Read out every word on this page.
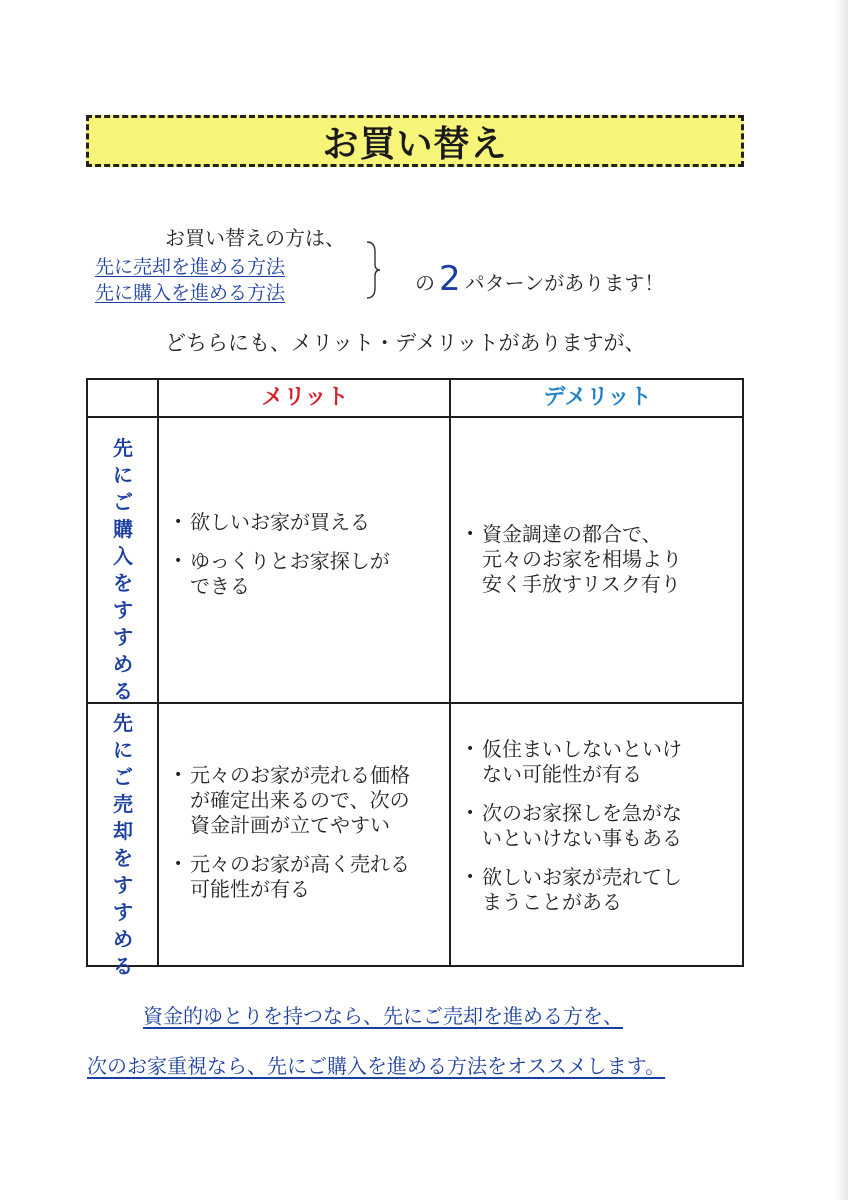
お買い替え
お買い替えの方は、
先に売却を進める方法
先に購入を進める方法	の 2 パターンがあります！
どちらにも、メリット・デメリットがありますが、
メリット	デメリット
先
に
ご
購
入
を
す
す
め
る
• 欲しいお家が買える
• ゆっくりとお家探しが
できる
• 資金調達の都合で、
元々のお家を相場より
安く手放すリスク有り
先
に
ご
売
却
を
す
す
め
る
• 元々のお家が売れる価格
が確定出来るので、次の
資金計画が立てやすい
• 元々のお家が高く売れる
可能性が有る
• 仮住まいしないといけ
ない可能性が有る
• 次のお家探しを急がな
いといけない事もある
• 欲しいお家が売れてし
まうことがある
資金的ゆとりを持つなら、先にご売却を進める方を、
次のお家重視なら、先にご購入を進める方法をオススメします。
